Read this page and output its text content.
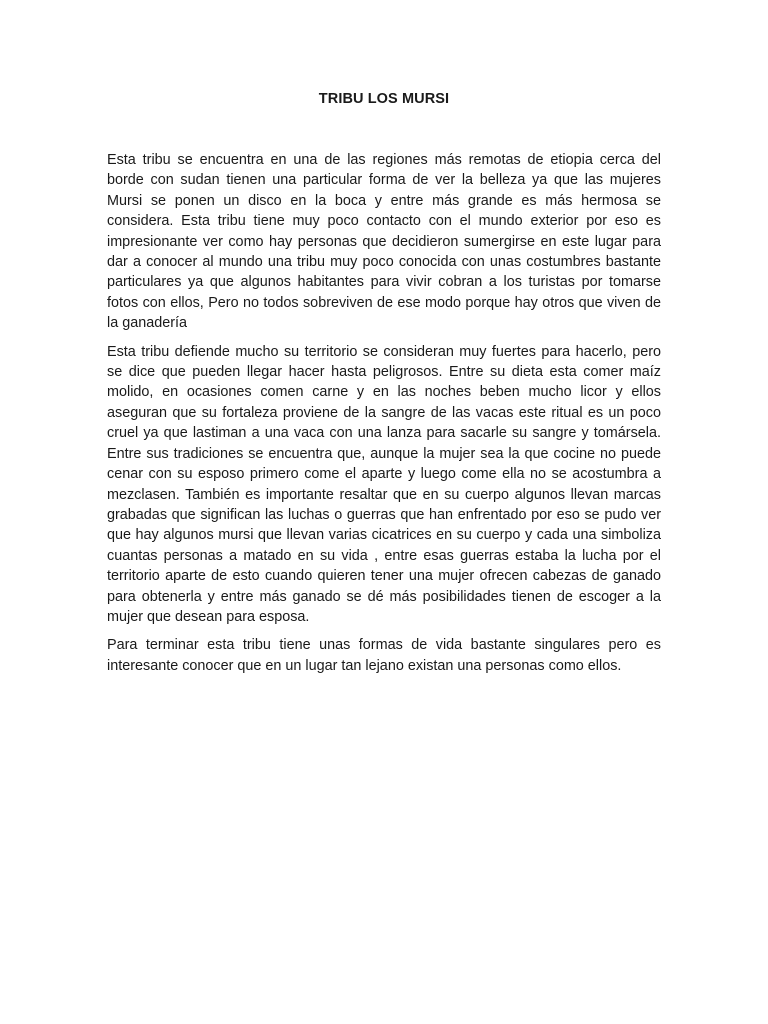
TRIBU LOS MURSI

Esta tribu se encuentra en una de las regiones más remotas de etiopia cerca del borde con sudan tienen una particular forma de ver la belleza ya que las mujeres Mursi se ponen un disco en la boca y entre más grande es más hermosa se considera. Esta tribu tiene muy poco contacto con el mundo exterior por eso es impresionante ver como hay personas que decidieron sumergirse en este lugar para dar a conocer al mundo una tribu muy poco conocida con unas costumbres bastante particulares ya que algunos habitantes para vivir cobran a los turistas por tomarse fotos con ellos, Pero no todos sobreviven de ese modo porque hay otros que viven de la ganadería

Esta tribu defiende mucho su territorio se consideran muy fuertes para hacerlo, pero se dice que pueden llegar hacer hasta peligrosos. Entre su dieta esta comer maíz molido, en ocasiones comen carne y en las noches beben mucho licor y ellos aseguran que su fortaleza proviene de la sangre de las vacas este ritual es un poco cruel ya que lastiman a una vaca con una lanza para sacarle su sangre y tomársela. Entre sus tradiciones se encuentra que, aunque la mujer sea la que cocine no puede cenar con su esposo primero come el aparte y luego come ella no se acostumbra a mezclasen. También es importante resaltar que en su cuerpo algunos llevan marcas grabadas que significan las luchas o guerras que han enfrentado por eso se pudo ver que hay algunos mursi que llevan varias cicatrices en su cuerpo y cada una simboliza cuantas personas a matado en su vida , entre esas guerras estaba la lucha por el territorio aparte de esto cuando quieren tener una mujer ofrecen cabezas de ganado para obtenerla y entre más ganado se dé más posibilidades tienen de escoger a la mujer que desean para esposa.

Para terminar esta tribu tiene unas formas de vida bastante singulares pero es interesante conocer que en un lugar tan lejano existan una personas como ellos.
